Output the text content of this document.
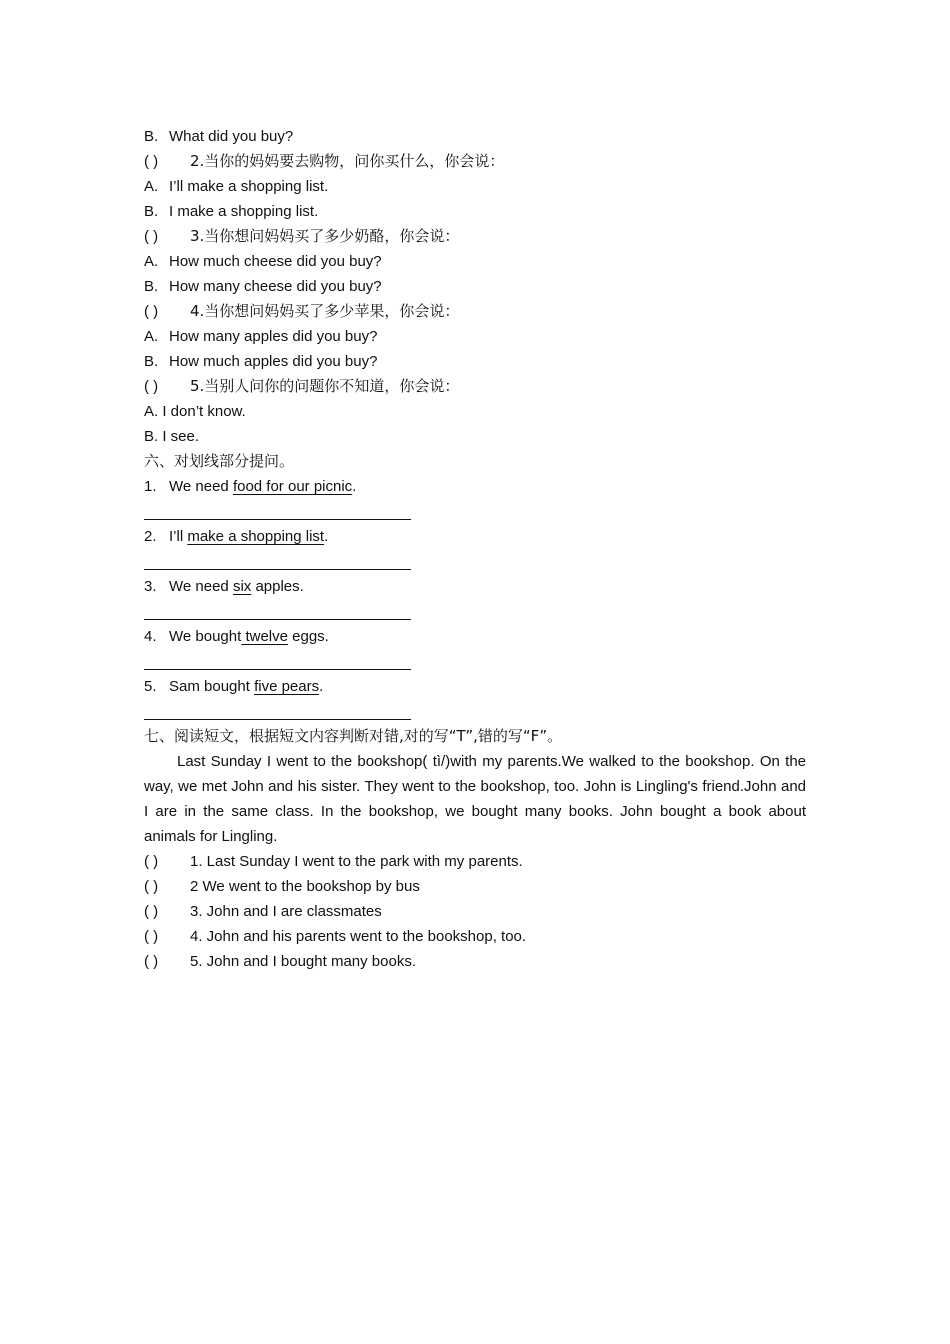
B. What did you buy?
( ) 2.当你的妈妈要去购物，问你买什么，你会说：
A. I’ll make a shopping list.
B. I make a shopping list.
( ) 3.当你想问妈妈买了多少奶酪，你会说：
A. How much cheese did you buy?
B. How many cheese did you buy?
( ) 4.当你想问妈妈买了多少苹果，你会说：
A. How many apples did you buy?
B. How much apples did you buy?
( ) 5.当别人问你的问题你不知道，你会说：
A. I don’t know.
B. I see.
六、对划线部分提问。
1. We need food for our picnic.
2. I’ll make a shopping list.
3. We need six apples.
4. We bought twelve eggs.
5. Sam bought five pears.
七、阅读短文，根据短文内容判断对错,对的写“T”,错的写“F”。
Last Sunday I went to the bookshop( tì/)with my parents.We walked to the bookshop. On the way, we met John and his sister. They went to the bookshop, too. John is Lingling's friend.John and I are in the same class. In the bookshop, we bought many books. John bought a book about animals for Lingling.
( ) 1. Last Sunday I went to the park with my parents.
( ) 2 We went to the bookshop by bus
( ) 3. John and I are classmates
( ) 4. John and his parents went to the bookshop, too.
( ) 5. John and I bought many books.
